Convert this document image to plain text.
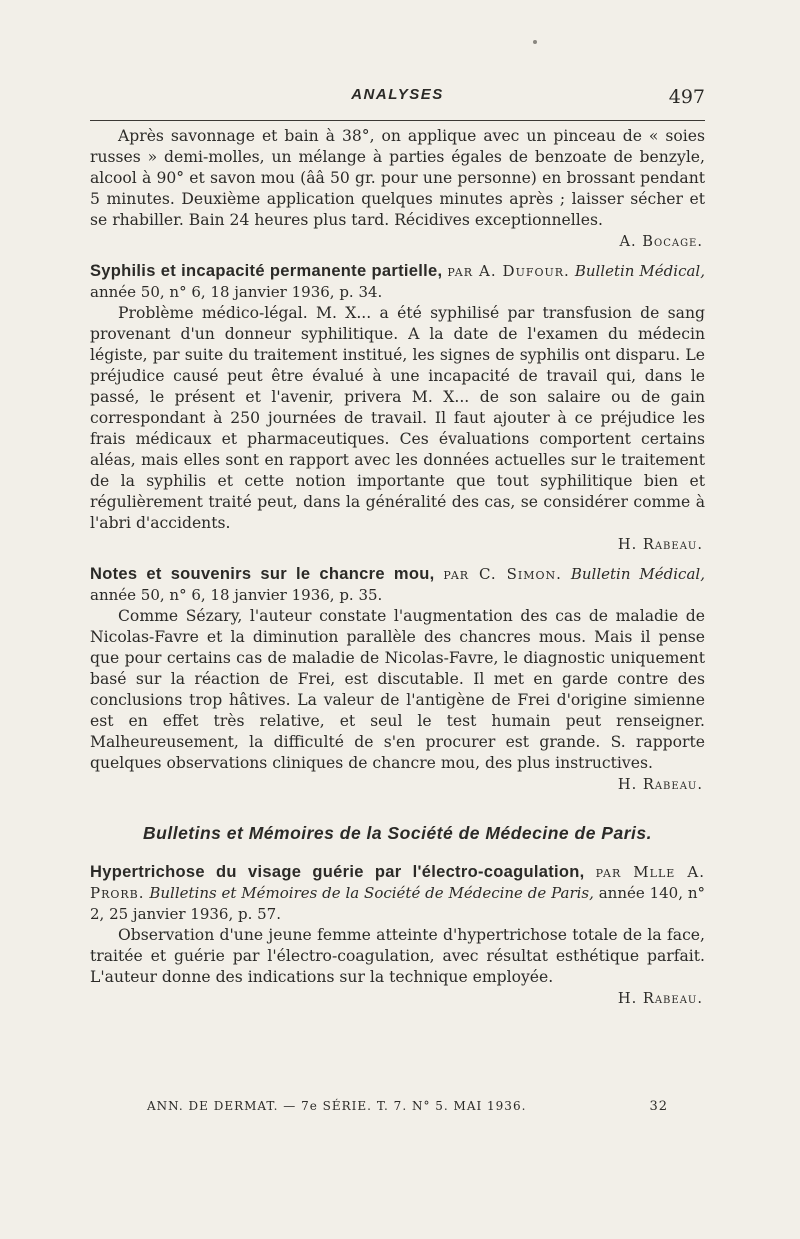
ANALYSES	497

Après savonnage et bain à 38°, on applique avec un pinceau de « soies russes » demi-molles, un mélange à parties égales de benzoate de benzyle, alcool à 90° et savon mou (ââ 50 gr. pour une personne) en brossant pendant 5 minutes. Deuxième application quelques minutes après ; laisser sécher et se rhabiller. Bain 24 heures plus tard. Récidives exceptionnelles.

A. Bocage.
Syphilis et incapacité permanente partielle, par A. Dufour. Bulletin Médical, année 50, n° 6, 18 janvier 1936, p. 34.

Problème médico-légal. M. X... a été syphilisé par transfusion de sang provenant d'un donneur syphilitique. A la date de l'examen du médecin légiste, par suite du traitement institué, les signes de syphilis ont disparu. Le préjudice causé peut être évalué à une incapacité de travail qui, dans le passé, le présent et l'avenir, privera M. X... de son salaire ou de gain correspondant à 250 journées de travail. Il faut ajouter à ce préjudice les frais médicaux et pharmaceutiques. Ces évaluations comportent certains aléas, mais elles sont en rapport avec les données actuelles sur le traitement de la syphilis et cette notion importante que tout syphilitique bien et régulièrement traité peut, dans la généralité des cas, se considérer comme à l'abri d'accidents.

H. Rabeau.
Notes et souvenirs sur le chancre mou, par C. Simon. Bulletin Médical, année 50, n° 6, 18 janvier 1936, p. 35.

Comme Sézary, l'auteur constate l'augmentation des cas de maladie de Nicolas-Favre et la diminution parallèle des chancres mous. Mais il pense que pour certains cas de maladie de Nicolas-Favre, le diagnostic uniquement basé sur la réaction de Frei, est discutable. Il met en garde contre des conclusions trop hâtives. La valeur de l'antigène de Frei d'origine simienne est en effet très relative, et seul le test humain peut renseigner. Malheureusement, la difficulté de s'en procurer est grande. S. rapporte quelques observations cliniques de chancre mou, des plus instructives.

H. Rabeau.
Bulletins et Mémoires de la Société de Médecine de Paris.
Hypertrichose du visage guérie par l'électro-coagulation, par Mlle A. Prorb. Bulletins et Mémoires de la Société de Médecine de Paris, année 140, n° 2, 25 janvier 1936, p. 57.

Observation d'une jeune femme atteinte d'hypertrichose totale de la face, traitée et guérie par l'électro-coagulation, avec résultat esthétique parfait. L'auteur donne des indications sur la technique employée.

H. Rabeau.
ANN. DE DERMAT. — 7e SÉRIE. T. 7. N° 5. MAI 1936.	32
